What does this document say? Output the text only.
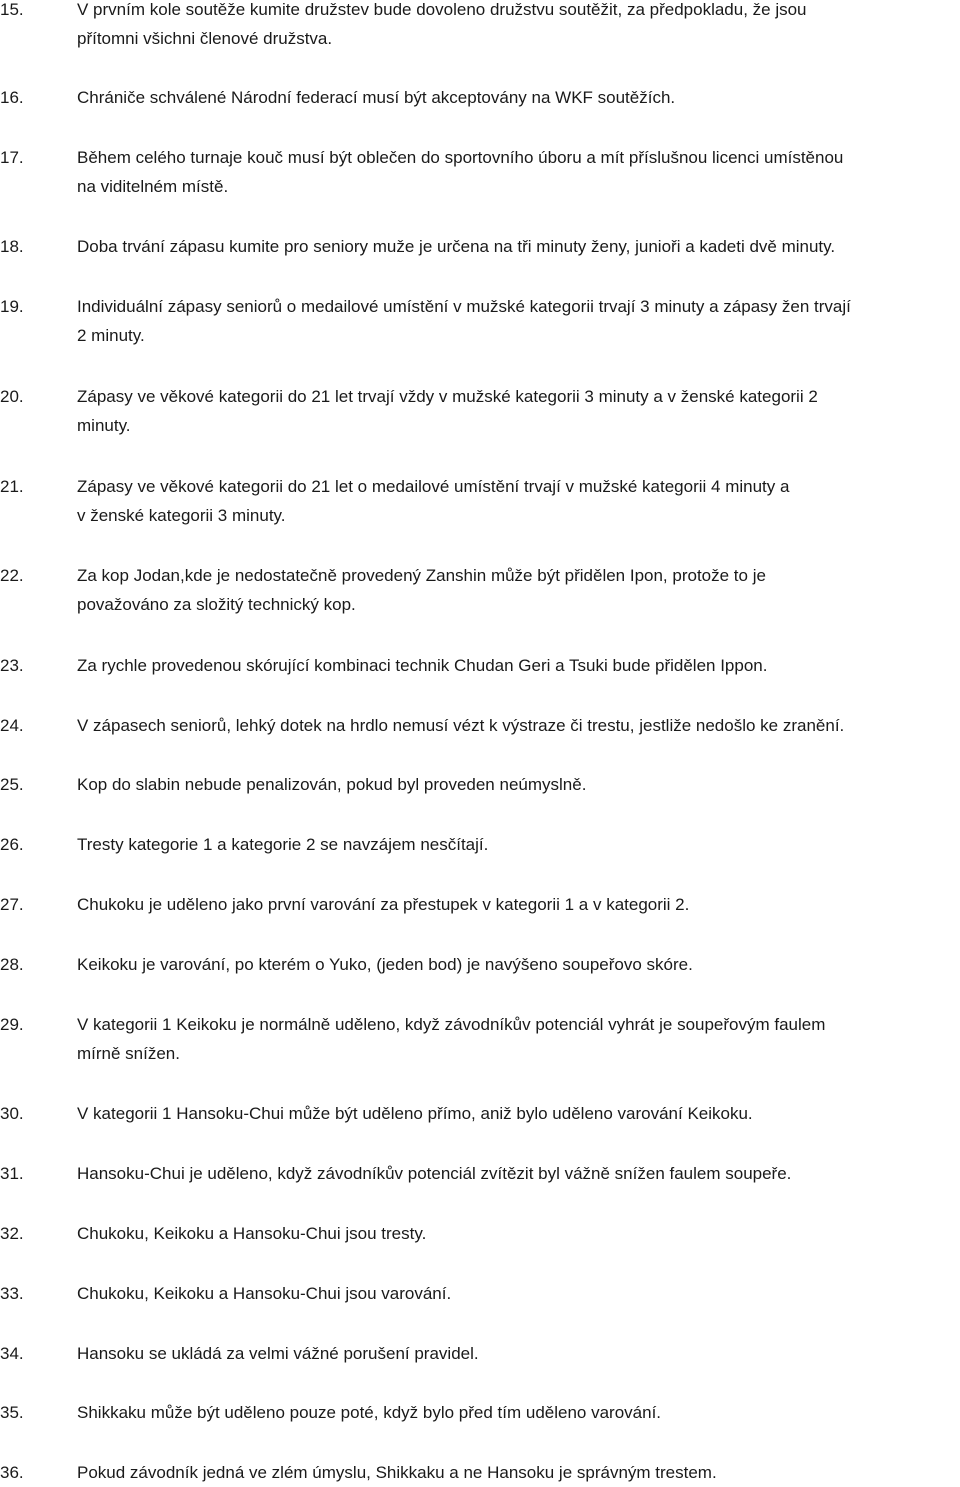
15.	V prvním kole soutěže kumite družstev bude dovoleno družstvu soutěžit, za předpokladu, že jsou
přítomni všichni členové družstva.
16.	Chrániče schválené Národní federací musí být akceptovány na WKF soutěžích.
17.	Během celého turnaje kouč musí být oblečen do sportovního úboru a mít příslušnou licenci umístěnou
na viditelném místě.
18.	Doba trvání zápasu kumite pro seniory muže je určena na tři minuty ženy, junioři a kadeti dvě minuty.
19.	Individuální zápasy seniorů o medailové umístění v mužské kategorii trvají 3 minuty a zápasy žen trvají
2 minuty.
20.	Zápasy ve věkové kategorii do 21 let trvají vždy v mužské kategorii 3 minuty a v ženské kategorii 2
minuty.
21.	Zápasy ve věkové kategorii do 21 let o medailové umístění trvají v mužské kategorii 4 minuty a
v ženské kategorii 3 minuty.
22.	Za kop Jodan,kde je nedostatečně provedený Zanshin může být přidělen Ipon, protože to je
považováno za složitý technický kop.
23.	Za rychle provedenou skórující kombinaci technik Chudan Geri a Tsuki bude přidělen Ippon.
24.	V zápasech seniorů, lehký dotek na hrdlo nemusí vézt k výstraze či trestu, jestliže nedošlo ke zranění.
25.	Kop do slabin nebude penalizován, pokud byl proveden neúmyslně.
26.	Tresty kategorie 1 a kategorie 2 se navzájem nesčítají.
27.	Chukoku je uděleno jako první varování za přestupek v kategorii 1 a v kategorii 2.
28.	Keikoku je varování, po kterém o Yuko, (jeden bod) je navýšeno soupeřovo skóre.
29.	V kategorii 1 Keikoku je normálně uděleno, když závodníkův potenciál vyhrát je soupeřovým faulem
mírně snížen.
30.	V kategorii 1 Hansoku-Chui může být uděleno přímo, aniž bylo uděleno varování Keikoku.
31.	Hansoku-Chui je uděleno, když závodníkův potenciál zvítězit byl vážně snížen faulem soupeře.
32.	Chukoku, Keikoku a Hansoku-Chui jsou tresty.
33.	Chukoku, Keikoku a Hansoku-Chui jsou varování.
34.	Hansoku se ukládá za velmi vážné porušení pravidel.
35.	Shikkaku může být uděleno pouze poté, když bylo před tím uděleno varování.
36.	Pokud závodník jedná ve zlém úmyslu, Shikkaku a ne Hansoku je správným trestem.
